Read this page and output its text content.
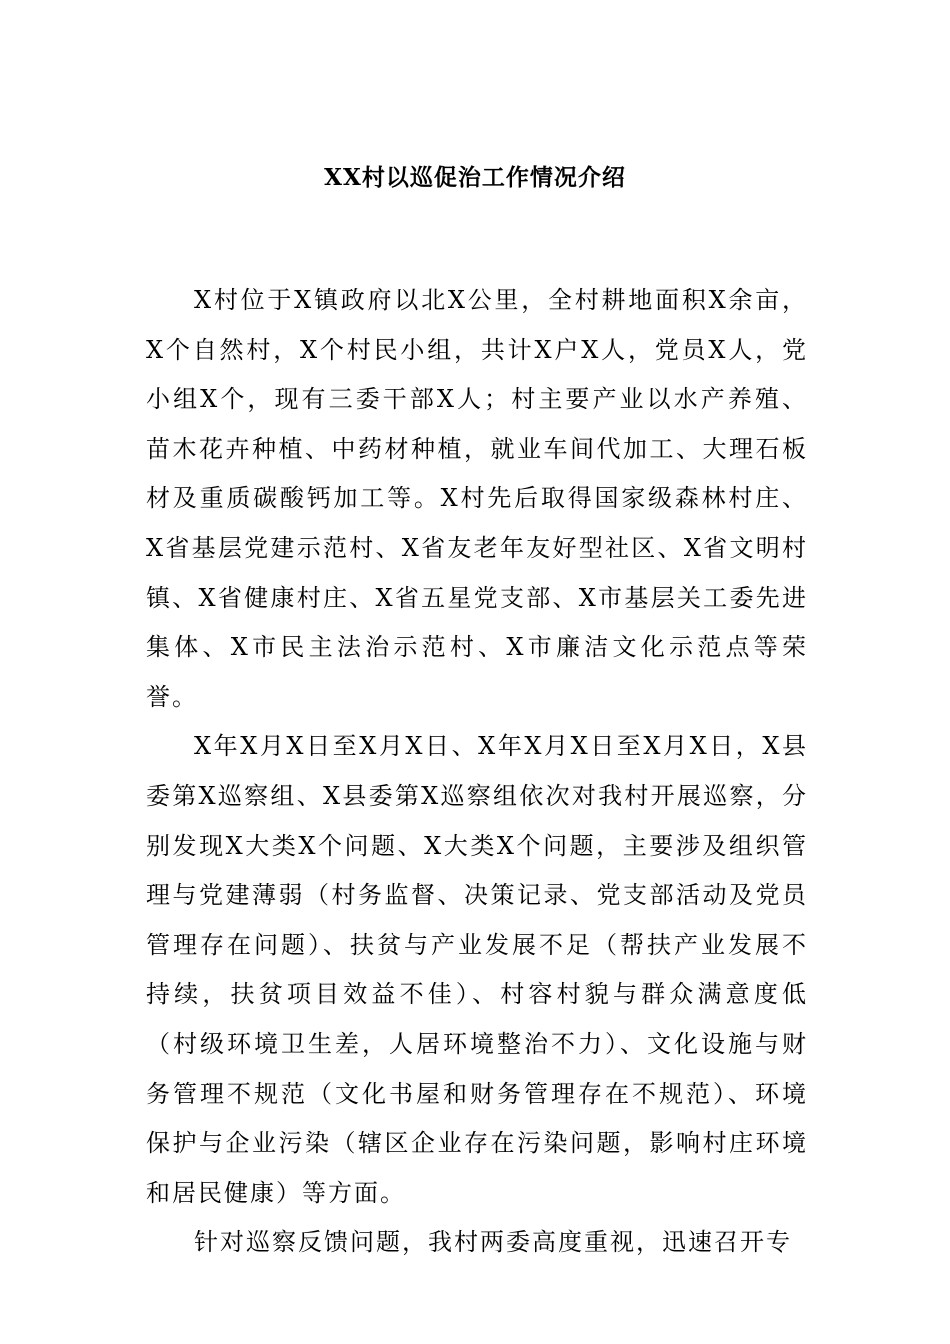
XX村以巡促治工作情况介绍

X村位于X镇政府以北X公里，全村耕地面积X余亩，X个自然村，X个村民小组，共计X户X人，党员X人，党小组X个，现有三委干部X人；村主要产业以水产养殖、苗木花卉种植、中药材种植，就业车间代加工、大理石板材及重质碳酸钙加工等。X村先后取得国家级森林村庄、X省基层党建示范村、X省友老年友好型社区、X省文明村镇、X省健康村庄、X省五星党支部、X市基层关工委先进集体、X市民主法治示范村、X市廉洁文化示范点等荣誉。

X年X月X日至X月X日、X年X月X日至X月X日，X县委第X巡察组、X县委第X巡察组依次对我村开展巡察，分别发现X大类X个问题、X大类X个问题，主要涉及组织管理与党建薄弱（村务监督、决策记录、党支部活动及党员管理存在问题）、扶贫与产业发展不足（帮扶产业发展不持续，扶贫项目效益不佳）、村容村貌与群众满意度低（村级环境卫生差，人居环境整治不力）、文化设施与财务管理不规范（文化书屋和财务管理存在不规范）、环境保护与企业污染（辖区企业存在污染问题，影响村庄环境和居民健康）等方面。

针对巡察反馈问题，我村两委高度重视，迅速召开专
